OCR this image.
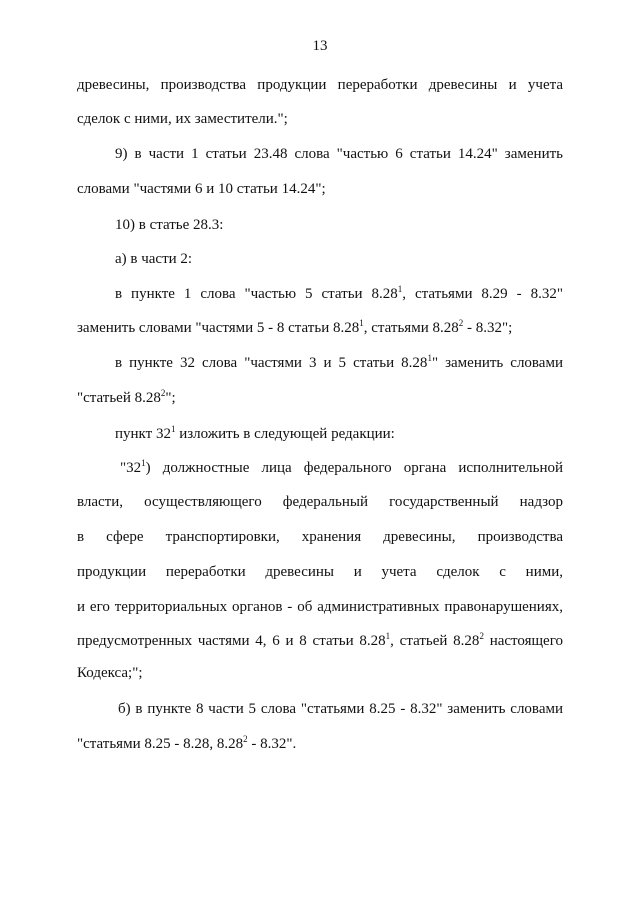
13
древесины, производства продукции переработки древесины и учета
сделок с ними, их заместители.";
9) в части 1 статьи 23.48 слова "частью 6 статьи 14.24" заменить
словами "частями 6 и 10 статьи 14.24";
10) в статье 28.3:
а) в части 2:
в пункте 1 слова "частью 5 статьи 8.28$^1$, статьями 8.29 - 8.32"
заменить словами "частями 5 - 8 статьи 8.28$^1$, статьями 8.28$^2$ - 8.32";
в пункте 32 слова "частями 3 и 5 статьи 8.28$^1$" заменить словами
"статьей 8.28$^2$";
пункт $32^1$ изложить в следующей редакции:
"$32^1$) должностные лица федерального органа исполнительной
власти, осуществляющего федеральный государственный надзор
в сфере транспортировки, хранения древесины, производства
продукции переработки древесины и учета сделок с ними,
и его территориальных органов - об административных правонарушениях,
предусмотренных частями 4, 6 и 8 статьи 8.28$^1$, статьей 8.28$^2$ настоящего
Кодекса;";
б) в пункте 8 части 5 слова "статьями 8.25 - 8.32" заменить словами
"статьями 8.25 - 8.28, 8.28$^2$ - 8.32".
